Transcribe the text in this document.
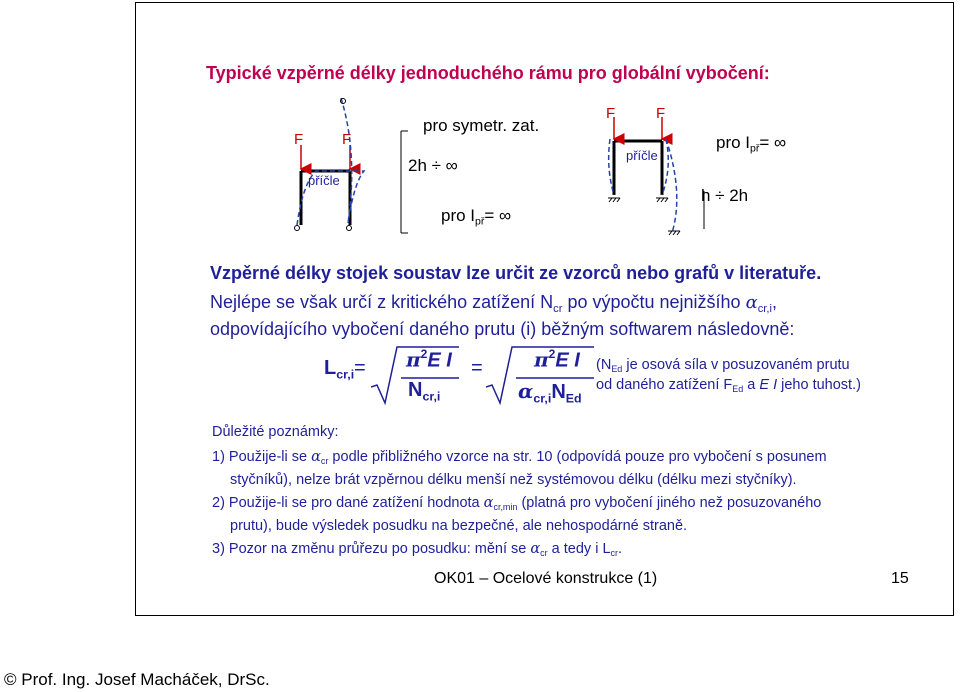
Typické vzpěrné délky jednoduchého rámu pro globální vybočení:
F	F
příčle
pro symetr. zat.
2h ÷ ∞
pro $I_{př}=$ ∞
F	F
příčle
pro $I_{př}=$ ∞
h ÷ 2h
Vzpěrné délky stojek soustav lze určit ze vzorců nebo grafů v literatuře.
Nejlépe se však určí z kritického zatížení $N_{cr}$ po výpočtu nejnižšího $\alpha_{cr,i}$,
odpovídajícího vybočení daného prutu (i) běžným softwarem následovně:
$L_{cr,i} = \pi^2E$ I
$N_{cr,i}$
=	$\pi^2E$ I
$\alpha_{cr,i}N_{Ed}$
($N_{Ed}$ je osová síla v posuzovaném prutu
od daného zatížení $F_{Ed}$ a E I jeho tuhost.)
Důležité poznámky:
1) Použije-li se $\alpha_{cr}$ podle přibližného vzorce na str. 10 (odpovídá pouze pro vybočení s posunem
styčníků), nelze brát vzpěrnou délku menší než systémovou délku (délku mezi styčníky).
2) Použije-li se pro dané zatížení hodnota $\alpha_{cr,min}$ (platná pro vybočení jiného než posuzovaného
prutu), bude výsledek posudku na bezpečné, ale nehospodárné straně.
3) Pozor na změnu průřezu po posudku: mění se $\alpha_{cr}$ a tedy i $L_{cr}$.
OK01 – Ocelové konstrukce (1)	15
© Prof. Ing. Josef Macháček, DrSc.
